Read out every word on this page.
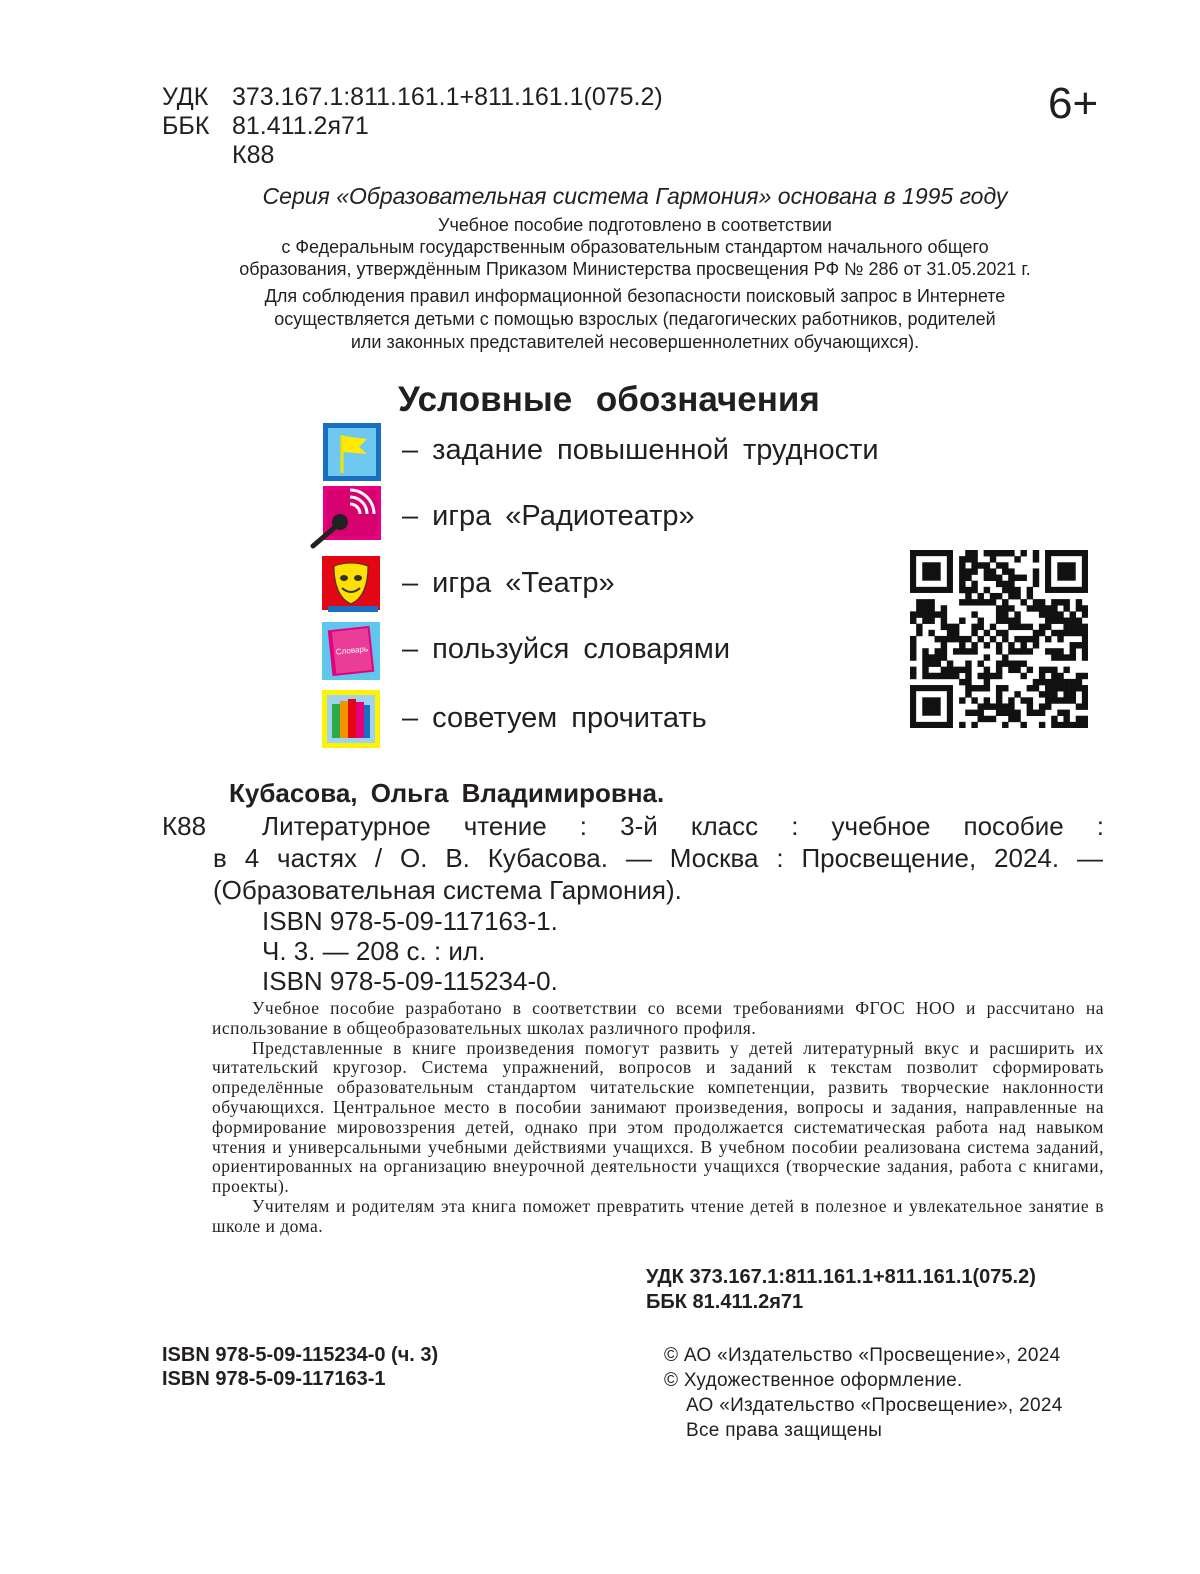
УДК 373.167.1:811.161.1+811.161.1(075.2)
ББК 81.411.2я71
К88
6+
Серия «Образовательная система Гармония» основана в 1995 году
Учебное пособие подготовлено в соответствии
с Федеральным государственным образовательным стандартом начального общего
образования, утверждённым Приказом Министерства просвещения РФ № 286 от 31.05.2021 г.
Для соблюдения правил информационной безопасности поисковый запрос в Интернете
осуществляется детьми с помощью взрослых (педагогических работников, родителей
или законных представителей несовершеннолетних обучающихся).
Условные обозначения
– задание повышенной трудности
– игра «Радиотеатр»
– игра «Театр»
Словарь – пользуйся словарями
– советуем прочитать
Кубасова, Ольга Владимировна.
К88 Литературное чтение : 3-й класс : учебное пособие :
в 4 частях / О. В. Кубасова. — Москва : Просвещение, 2024. —
(Образовательная система Гармония).
ISBN 978-5-09-117163-1.
Ч. 3. — 208 с. : ил.
ISBN 978-5-09-115234-0.

Учебное пособие разработано в соответствии со всеми требованиями ФГОС НОО и рассчитано на использование в общеобразовательных школах различного профиля.

Представленные в книге произведения помогут развить у детей литературный вкус и расширить их читательский кругозор. Система упражнений, вопросов и заданий к текстам позволит сформировать определённые образовательным стандартом читательские компетенции, развить творческие наклонности обучающихся. Центральное место в пособии занимают произведения, вопросы и задания, направленные на формирование мировоззрения детей, однако при этом продолжается систематическая работа над навыком чтения и универсальными учебными действиями учащихся. В учебном пособии реализована система заданий, ориентированных на организацию внеурочной деятельности учащихся (творческие задания, работа с книгами, проекты).

Учителям и родителям эта книга поможет превратить чтение детей в полезное и увлекательное занятие в школе и дома.

УДК 373.167.1:811.161.1+811.161.1(075.2)
ББК 81.411.2я71
ISBN 978-5-09-115234-0 (ч. 3)
ISBN 978-5-09-117163-1
© АО «Издательство «Просвещение», 2024
© Художественное оформление.
АО «Издательство «Просвещение», 2024
Все права защищены
